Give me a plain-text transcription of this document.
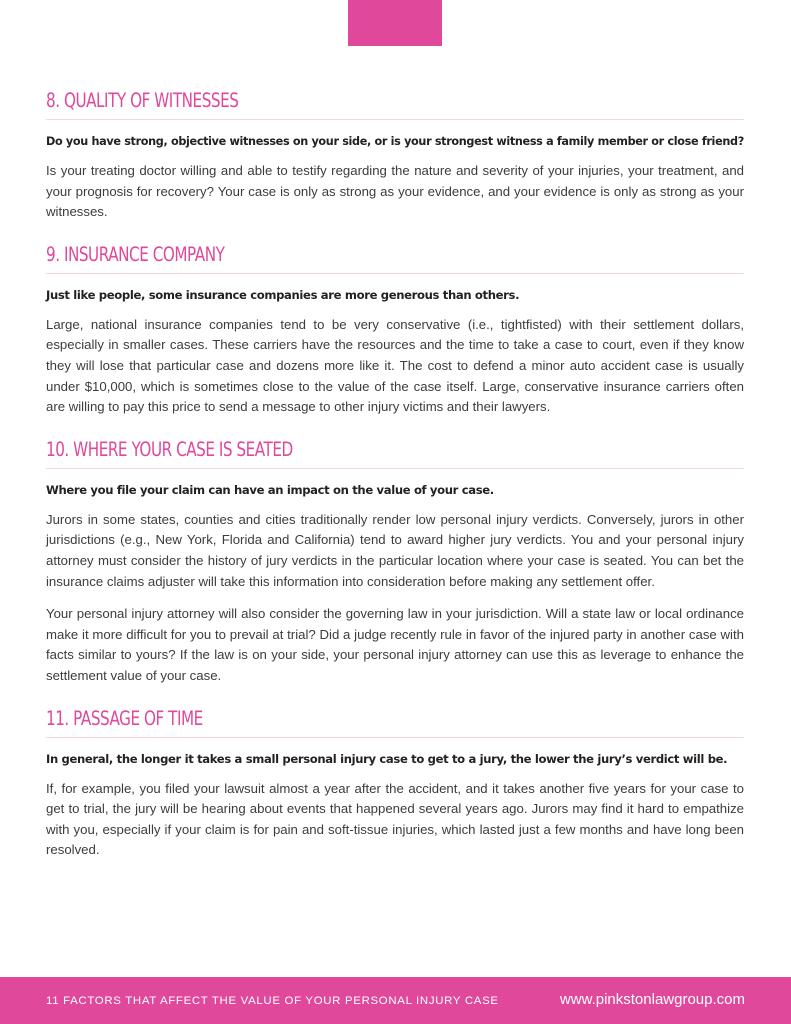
8. QUALITY OF WITNESSES

Do you have strong, objective witnesses on your side, or is your strongest witness a family member or close friend?

Is your treating doctor willing and able to testify regarding the nature and severity of your injuries, your treatment, and your prognosis for recovery? Your case is only as strong as your evidence, and your evidence is only as strong as your witnesses.

9. INSURANCE COMPANY

Just like people, some insurance companies are more generous than others.

Large, national insurance companies tend to be very conservative (i.e., tightfisted) with their settlement dollars, especially in smaller cases. These carriers have the resources and the time to take a case to court, even if they know they will lose that particular case and dozens more like it. The cost to defend a minor auto accident case is usually under $10,000, which is sometimes close to the value of the case itself. Large, conservative insurance carriers often are willing to pay this price to send a message to other injury victims and their lawyers.

10. WHERE YOUR CASE IS SEATED

Where you file your claim can have an impact on the value of your case.

Jurors in some states, counties and cities traditionally render low personal injury verdicts. Conversely, jurors in other jurisdictions (e.g., New York, Florida and California) tend to award higher jury verdicts. You and your personal injury attorney must consider the history of jury verdicts in the particular location where your case is seated. You can bet the insurance claims adjuster will take this information into consideration before making any settlement offer.

Your personal injury attorney will also consider the governing law in your jurisdiction. Will a state law or local ordinance make it more difficult for you to prevail at trial? Did a judge recently rule in favor of the injured party in another case with facts similar to yours? If the law is on your side, your personal injury attorney can use this as leverage to enhance the settlement value of your case.

11. PASSAGE OF TIME

In general, the longer it takes a small personal injury case to get to a jury, the lower the jury’s verdict will be.

If, for example, you filed your lawsuit almost a year after the accident, and it takes another five years for your case to get to trial, the jury will be hearing about events that happened several years ago. Jurors may find it hard to empathize with you, especially if your claim is for pain and soft-tissue injuries, which lasted just a few months and have long been resolved.

11 FACTORS THAT AFFECT THE VALUE OF YOUR PERSONAL INJURY CASE	www.pinkstonlawgroup.com
